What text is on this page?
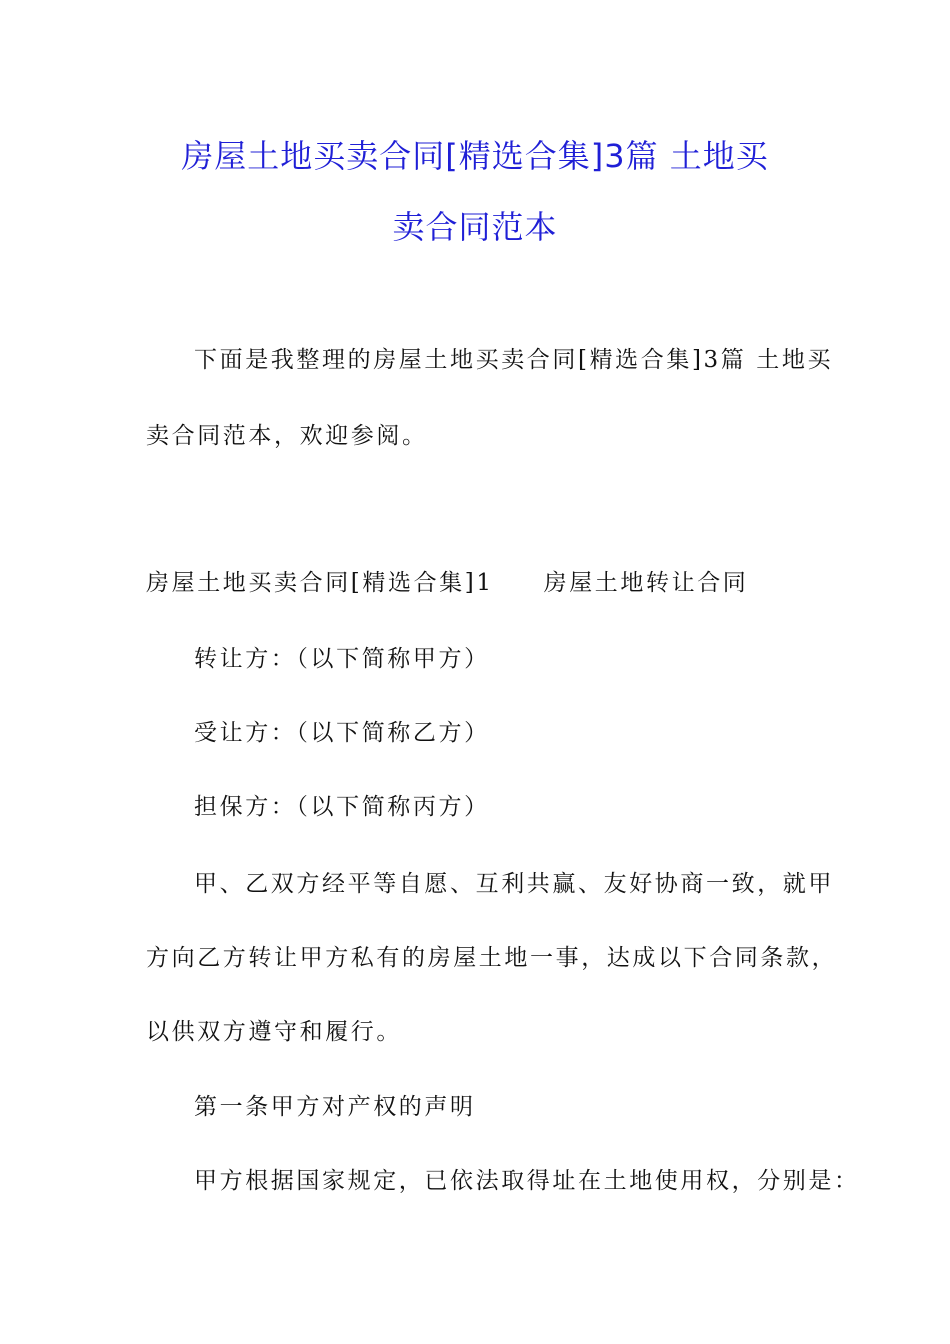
房屋土地买卖合同[精选合集]3篇 土地买
卖合同范本
下面是我整理的房屋土地买卖合同[精选合集]3篇 土地买
卖合同范本，欢迎参阅。
房屋土地买卖合同[精选合集]1 房屋土地转让合同
转让方：（以下简称甲方）
受让方：（以下简称乙方）
担保方：（以下简称丙方）
甲、乙双方经平等自愿、互利共赢、友好协商一致，就甲
方向乙方转让甲方私有的房屋土地一事，达成以下合同条款，
以供双方遵守和履行。
第一条甲方对产权的声明
甲方根据国家规定，已依法取得址在土地使用权，分别是：
